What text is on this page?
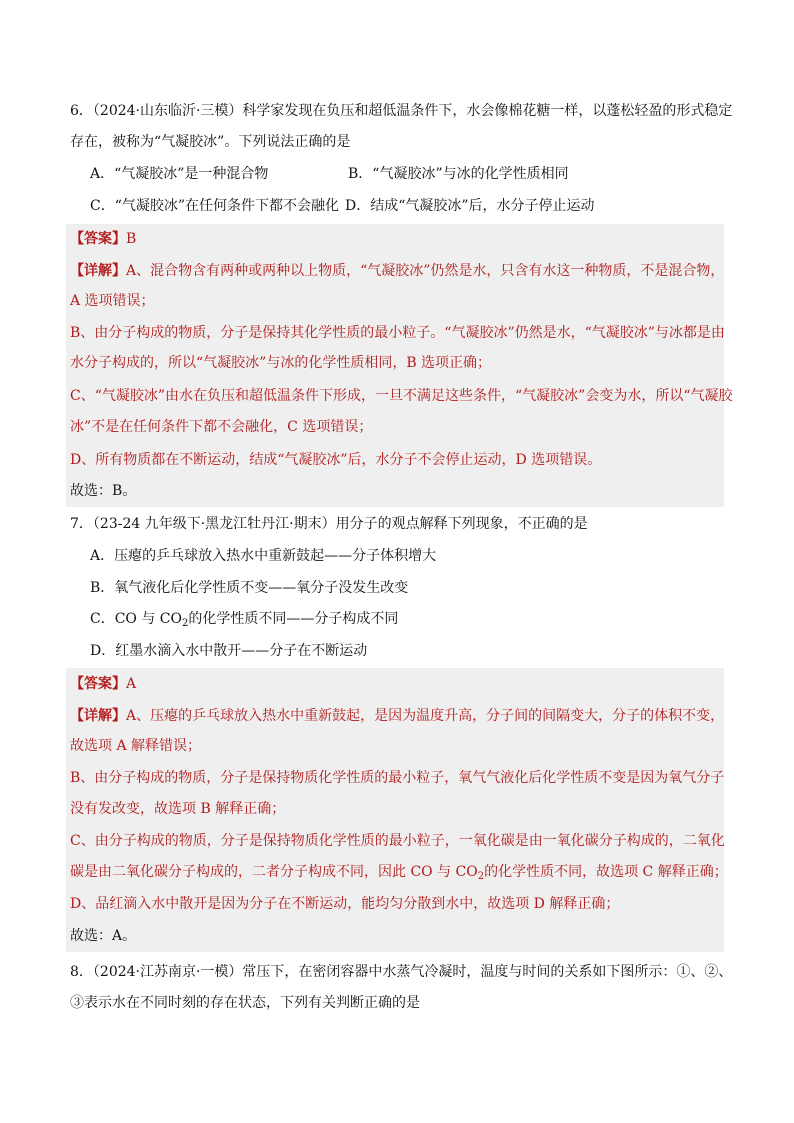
6．（2024·山东临沂·三模）科学家发现在负压和超低温条件下，水会像棉花糖一样，以蓬松轻盈的形式稳定
存在，被称为“气凝胶冰”。下列说法正确的是
A．“气凝胶冰”是一种混合物	B．“气凝胶冰”与冰的化学性质相同
C．“气凝胶冰”在任何条件下都不会融化 D．结成“气凝胶冰”后，水分子停止运动
【答案】B
【详解】A、混合物含有两种或两种以上物质，“气凝胶冰”仍然是水，只含有水这一种物质，不是混合物，
A 选项错误；
B、由分子构成的物质，分子是保持其化学性质的最小粒子。“气凝胶冰”仍然是水，“气凝胶冰”与冰都是由
水分子构成的，所以“气凝胶冰”与冰的化学性质相同，B 选项正确；
C、“气凝胶冰”由水在负压和超低温条件下形成，一旦不满足这些条件，“气凝胶冰”会变为水，所以“气凝胶
冰”不是在任何条件下都不会融化，C 选项错误；
D、所有物质都在不断运动，结成“气凝胶冰”后，水分子不会停止运动，D 选项错误。
故选：B。
7．（23-24 九年级下·黑龙江牡丹江·期末）用分子的观点解释下列现象，不正确的是
A．压瘪的乒乓球放入热水中重新鼓起——分子体积增大
B．氧气液化后化学性质不变——氧分子没发生改变
C．CO 与 $CO_2$的化学性质不同——分子构成不同
D．红墨水滴入水中散开——分子在不断运动
【答案】A
【详解】A、压瘪的乒乓球放入热水中重新鼓起，是因为温度升高，分子间的间隔变大，分子的体积不变，
故选项 A 解释错误；
B、由分子构成的物质，分子是保持物质化学性质的最小粒子，氧气气液化后化学性质不变是因为氧气分子
没有发改变，故选项 B 解释正确；
C、由分子构成的物质，分子是保持物质化学性质的最小粒子，一氧化碳是由一氧化碳分子构成的，二氧化
碳是由二氧化碳分子构成的，二者分子构成不同，因此 CO 与 $CO_2$的化学性质不同，故选项 C 解释正确；
D、品红滴入水中散开是因为分子在不断运动，能均匀分散到水中，故选项 D 解释正确；
故选：A。
8．（2024·江苏南京·一模）常压下，在密闭容器中水蒸气冷凝时，温度与时间的关系如下图所示：①、②、
③表示水在不同时刻的存在状态，下列有关判断正确的是
